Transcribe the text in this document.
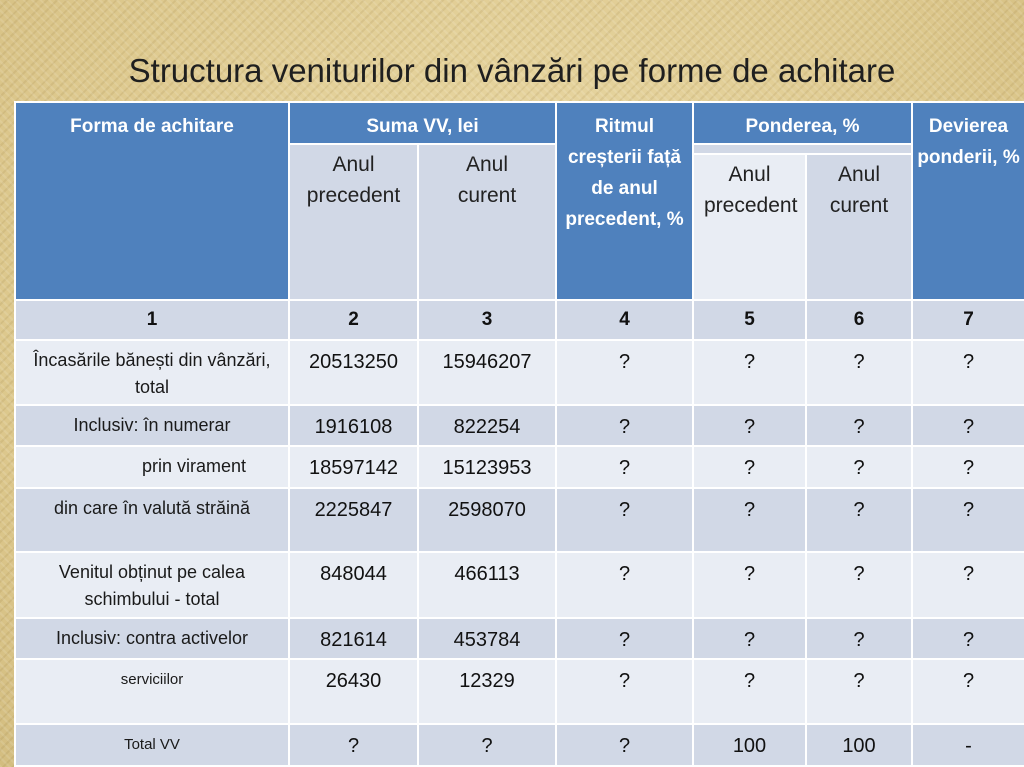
Structura veniturilor din vânzări pe forme de achitare
Forma de achitare	Suma VV, lei		Ritmul creșterii față de anul precedent, %	Ponderea, %		Devierea ponderii, %
	Anul precedent	Anul curent				
				Anul precedent	Anul curent	
1	2	3	4	5	6	7
Încasările bănești din vânzări, total	20513250	15946207	?	?	?	?
Inclusiv: în numerar	1916108	822254	?	?	?	?
prin virament	18597142	15123953	?	?	?	?
din care în valută străină	2225847	2598070	?	?	?	?
Venitul obținut pe calea schimbului - total	848044	466113	?	?	?	?
Inclusiv: contra activelor	821614	453784	?	?	?	?
serviciilor	26430	12329	?	?	?	?
Total VV	?	?	?	100	100	-
